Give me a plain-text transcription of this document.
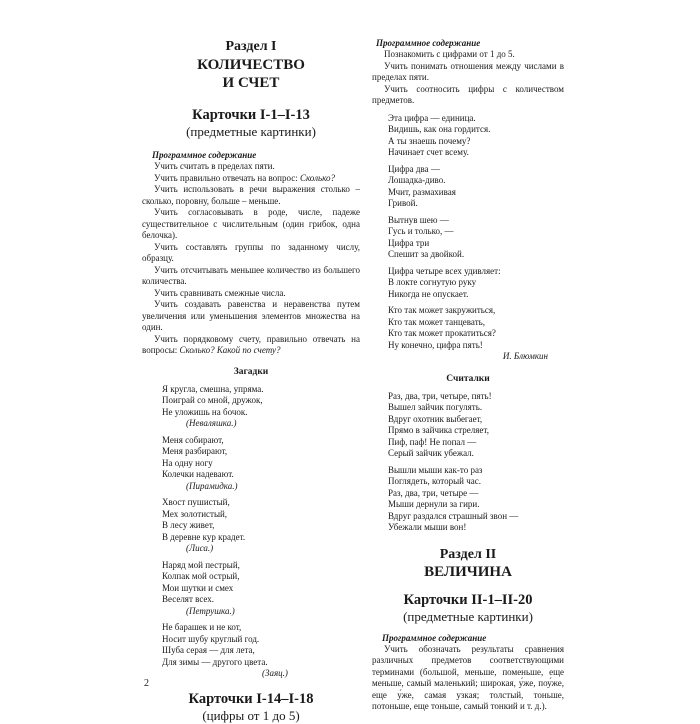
Раздел I
КОЛИЧЕСТВО
И СЧЕТ
Карточки I-1–I-13
(предметные картинки)
Программное содержание
Учить считать в пределах пяти.
Учить правильно отвечать на вопрос: Сколько?
Учить использовать в речи выражения столько – сколько, поровну, больше – меньше.
Учить согласовывать в роде, числе, падеже существительное с числительным (один грибок, одна белочка).
Учить составлять группы по заданному числу, образцу.
Учить отсчитывать меньшее количество из большего количества.
Учить сравнивать смежные числа.
Учить создавать равенства и неравенства путем увеличения или уменьшения элементов множества на один.
Учить порядковому счету, правильно отвечать на вопросы: Сколько? Какой по счету?
Загадки
Я кругла, смешна, упряма.
Поиграй со мной, дружок,
Не уложишь на бочок.
(Неваляшка.)
Меня собирают,
Меня разбирают,
На одну ногу
Колечки надевают.
(Пирамидка.)
Хвост пушистый,
Мех золотистый,
В лесу живет,
В деревне кур крадет.
(Лиса.)
Наряд мой пестрый,
Колпак мой острый,
Мои шутки и смех
Веселят всех.
(Петрушка.)
Не барашек и не кот,
Носит шубу круглый год.
Шуба серая — для лета,
Для зимы — другого цвета.
(Заяц.)
Карточки I-14–I-18
(цифры от 1 до 5)
Программное содержание
Познакомить с цифрами от 1 до 5.
Учить понимать отношения между числами в пределах пяти.
Учить соотносить цифры с количеством предметов.
Эта цифра — единица.
Видишь, как она гордится.
А ты знаешь почему?
Начинает счет всему.
Цифра два —
Лошадка-диво.
Мчит, размахивая
Гривой.
Вытнув шею —
Гусь и только, —
Цифра три
Спешит за двойкой.
Цифра четыре всех удивляет:
В локте согнутую руку
Никогда не опускает.
Кто так может закружиться,
Кто так может танцевать,
Кто так может прокатиться?
Ну конечно, цифра пять!
И. Блюмкин
Считалки
Раз, два, три, четыре, пять!
Вышел зайчик погулять.
Вдруг охотник выбегает,
Прямо в зайчика стреляет,
Пиф, паф! Не попал —
Серый зайчик убежал.
Вышли мыши как-то раз
Поглядеть, который час.
Раз, два, три, четыре —
Мыши дернули за гири.
Вдруг раздался страшный звон —
Убежали мыши вон!
Раздел II
ВЕЛИЧИНА
Карточки II-1–II-20
(предметные картинки)
Программное содержание
Учить обозначать результаты сравнения различных предметов соответствующими терминами (большой, меньше, поменьше, еще меньше, самый маленький; широкая, у́же, поу́же, еще у́же, самая узкая; толстый, тоньше, потоньше, еще тоньше, самый тонкий и т. д.).
2
